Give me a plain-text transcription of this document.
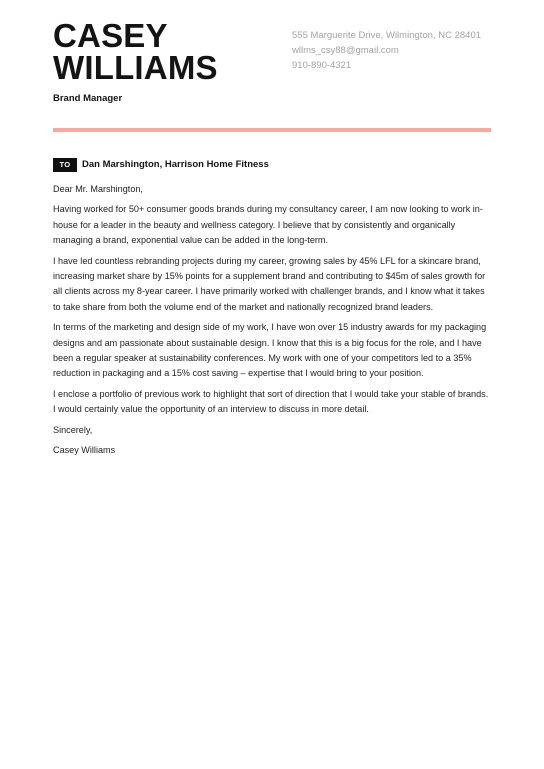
CASEY
WILLIAMS
Brand Manager
555 Marguerite Drive, Wilmington, NC 28401
wllms_csy88@gmail.com
910-890-4321
TO	Dan Marshington, Harrison Home Fitness

Dear Mr. Marshington,

Having worked for 50+ consumer goods brands during my consultancy career, I am now looking to work in-house for a leader in the beauty and wellness category. I believe that by consistently and organically managing a brand, exponential value can be added in the long-term.

I have led countless rebranding projects during my career, growing sales by 45% LFL for a skincare brand, increasing market share by 15% points for a supplement brand and contributing to $45m of sales growth for all clients across my 8-year career. I have primarily worked with challenger brands, and I know what it takes to take share from both the volume end of the market and nationally recognized brand leaders.

In terms of the marketing and design side of my work, I have won over 15 industry awards for my packaging designs and am passionate about sustainable design. I know that this is a big focus for the role, and I have been a regular speaker at sustainability conferences. My work with one of your competitors led to a 35% reduction in packaging and a 15% cost saving – expertise that I would bring to your position.

I enclose a portfolio of previous work to highlight that sort of direction that I would take your stable of brands. I would certainly value the opportunity of an interview to discuss in more detail.

Sincerely,

Casey Williams
